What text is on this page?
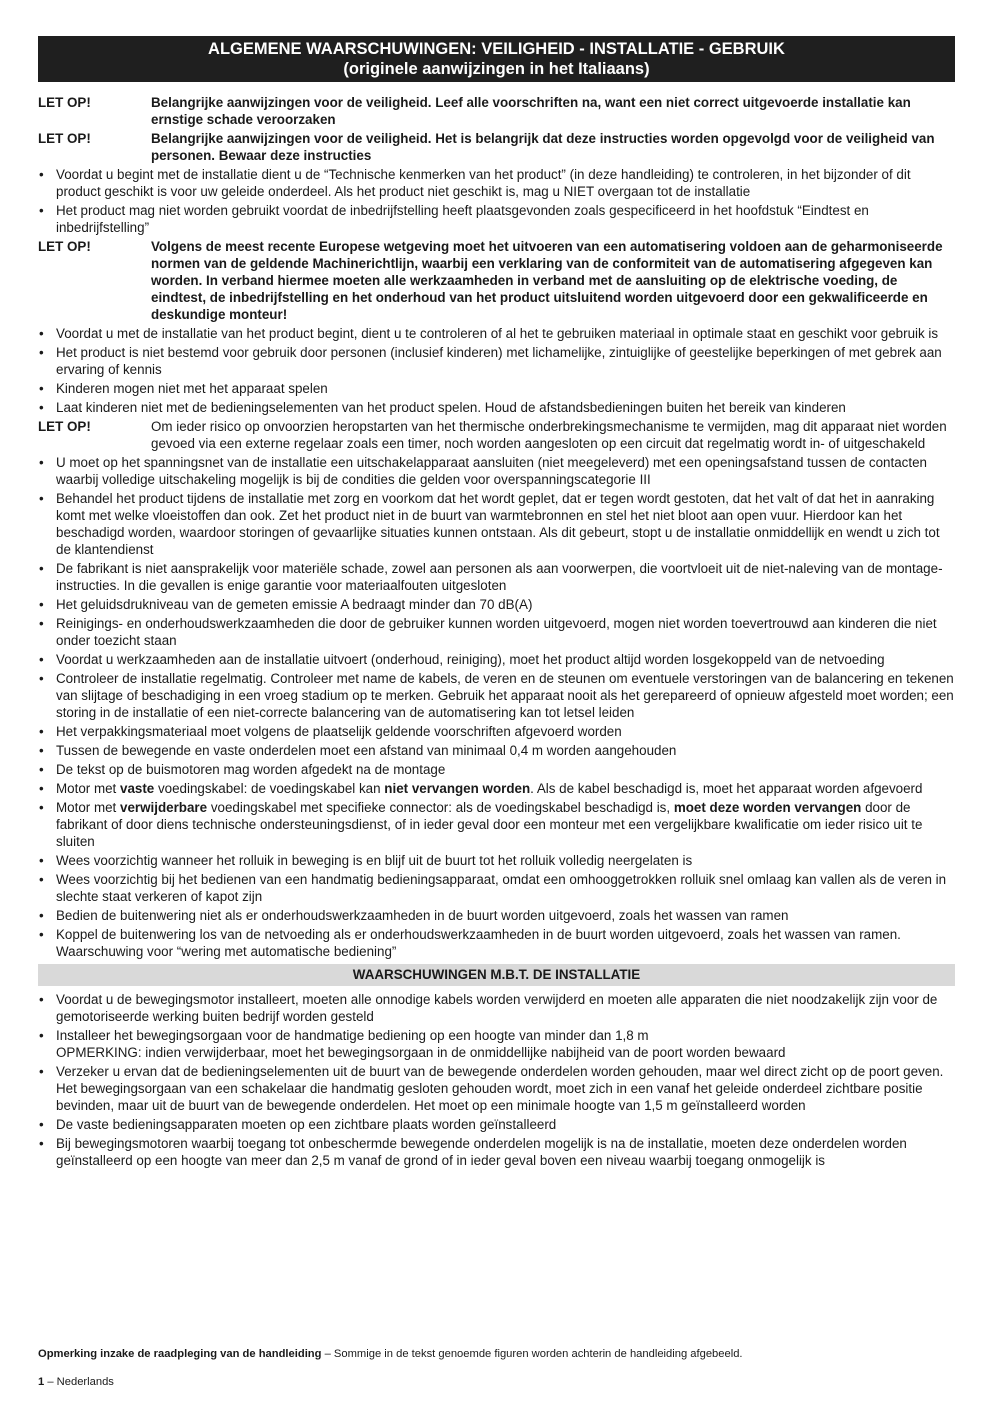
ALGEMENE WAARSCHUWINGEN: VEILIGHEID - INSTALLATIE - GEBRUIK
(originele aanwijzingen in het Italiaans)
LET OP!	Belangrijke aanwijzingen voor de veiligheid. Leef alle voorschriften na, want een niet correct uitgevoerde installatie kan ernstige schade veroorzaken
LET OP!	Belangrijke aanwijzingen voor de veiligheid. Het is belangrijk dat deze instructies worden opgevolgd voor de veiligheid van personen. Bewaar deze instructies
• Voordat u begint met de installatie dient u de “Technische kenmerken van het product” (in deze handleiding) te controleren, in het bijzonder of dit product geschikt is voor uw geleide onderdeel. Als het product niet geschikt is, mag u NIET overgaan tot de installatie
• Het product mag niet worden gebruikt voordat de inbedrijfstelling heeft plaatsgevonden zoals gespecificeerd in het hoofdstuk “Eindtest en inbedrijfstelling”
LET OP!	Volgens de meest recente Europese wetgeving moet het uitvoeren van een automatisering voldoen aan de geharmoniseerde normen van de geldende Machinerichtlijn, waarbij een verklaring van de conformiteit van de automatisering afgegeven kan worden. In verband hiermee moeten alle werkzaamheden in verband met de aansluiting op de elektrische voeding, de eindtest, de inbedrijfstelling en het onderhoud van het product uitsluitend worden uitgevoerd door een gekwalificeerde en deskundige monteur!
• Voordat u met de installatie van het product begint, dient u te controleren of al het te gebruiken materiaal in optimale staat en geschikt voor gebruik is
• Het product is niet bestemd voor gebruik door personen (inclusief kinderen) met lichamelijke, zintuiglijke of geestelijke beperkingen of met gebrek aan ervaring of kennis
• Kinderen mogen niet met het apparaat spelen
• Laat kinderen niet met de bedieningselementen van het product spelen. Houd de afstandsbedieningen buiten het bereik van kinderen
LET OP!	Om ieder risico op onvoorzien heropstarten van het thermische onderbrekingsmechanisme te vermijden, mag dit apparaat niet worden gevoed via een externe regelaar zoals een timer, noch worden aangesloten op een circuit dat regelmatig wordt in- of uitgeschakeld
• U moet op het spanningsnet van de installatie een uitschakelapparaat aansluiten (niet meegeleverd) met een openingsafstand tussen de contacten waarbij volledige uitschakeling mogelijk is bij de condities die gelden voor overspanningscategorie III
• Behandel het product tijdens de installatie met zorg en voorkom dat het wordt geplet, dat er tegen wordt gestoten, dat het valt of dat het in aanraking komt met welke vloeistoffen dan ook. Zet het product niet in de buurt van warmtebronnen en stel het niet bloot aan open vuur. Hierdoor kan het beschadigd worden, waardoor storingen of gevaarlijke situaties kunnen ontstaan. Als dit gebeurt, stopt u de installatie onmiddellijk en wendt u zich tot de klantendienst
• De fabrikant is niet aansprakelijk voor materiële schade, zowel aan personen als aan voorwerpen, die voortvloeit uit de niet-naleving van de montage-instructies. In die gevallen is enige garantie voor materiaalfouten uitgesloten
• Het geluidsdrukniveau van de gemeten emissie A bedraagt minder dan 70 dB(A)
• Reinigings- en onderhoudswerkzaamheden die door de gebruiker kunnen worden uitgevoerd, mogen niet worden toevertrouwd aan kinderen die niet onder toezicht staan
• Voordat u werkzaamheden aan de installatie uitvoert (onderhoud, reiniging), moet het product altijd worden losgekoppeld van de netvoeding
• Controleer de installatie regelmatig. Controleer met name de kabels, de veren en de steunen om eventuele verstoringen van de balancering en tekenen van slijtage of beschadiging in een vroeg stadium op te merken. Gebruik het apparaat nooit als het gerepareerd of opnieuw afgesteld moet worden; een storing in de installatie of een niet-correcte balancering van de automatisering kan tot letsel leiden
• Het verpakkingsmateriaal moet volgens de plaatselijk geldende voorschriften afgevoerd worden
• Tussen de bewegende en vaste onderdelen moet een afstand van minimaal 0,4 m worden aangehouden
• De tekst op de buismotoren mag worden afgedekt na de montage
• Motor met vaste voedingskabel: de voedingskabel kan niet vervangen worden. Als de kabel beschadigd is, moet het apparaat worden afgevoerd
• Motor met verwijderbare voedingskabel met specifieke connector: als de voedingskabel beschadigd is, moet deze worden vervangen door de fabrikant of door diens technische ondersteuningsdienst, of in ieder geval door een monteur met een vergelijkbare kwalificatie om ieder risico uit te sluiten
• Wees voorzichtig wanneer het rolluik in beweging is en blijf uit de buurt tot het rolluik volledig neergelaten is
• Wees voorzichtig bij het bedienen van een handmatig bedieningsapparaat, omdat een omhooggetrokken rolluik snel omlaag kan vallen als de veren in slechte staat verkeren of kapot zijn
• Bedien de buitenwering niet als er onderhoudswerkzaamheden in de buurt worden uitgevoerd, zoals het wassen van ramen
• Koppel de buitenwering los van de netvoeding als er onderhoudswerkzaamheden in de buurt worden uitgevoerd, zoals het wassen van ramen. Waarschuwing voor “wering met automatische bediening”
WAARSCHUWINGEN M.B.T. DE INSTALLATIE
• Voordat u de bewegingsmotor installeert, moeten alle onnodige kabels worden verwijderd en moeten alle apparaten die niet noodzakelijk zijn voor de gemotoriseerde werking buiten bedrijf worden gesteld
• Installeer het bewegingsorgaan voor de handmatige bediening op een hoogte van minder dan 1,8 m
OPMERKING: indien verwijderbaar, moet het bewegingsorgaan in de onmiddellijke nabijheid van de poort worden bewaard
• Verzeker u ervan dat de bedieningselementen uit de buurt van de bewegende onderdelen worden gehouden, maar wel direct zicht op de poort geven.
Het bewegingsorgaan van een schakelaar die handmatig gesloten gehouden wordt, moet zich in een vanaf het geleide onderdeel zichtbare positie bevinden, maar uit de buurt van de bewegende onderdelen. Het moet op een minimale hoogte van 1,5 m geïnstalleerd worden
• De vaste bedieningsapparaten moeten op een zichtbare plaats worden geïnstalleerd
• Bij bewegingsmotoren waarbij toegang tot onbeschermde bewegende onderdelen mogelijk is na de installatie, moeten deze onderdelen worden geïnstalleerd op een hoogte van meer dan 2,5 m vanaf de grond of in ieder geval boven een niveau waarbij toegang onmogelijk is
Opmerking inzake de raadpleging van de handleiding – Sommige in de tekst genoemde figuren worden achterin de handleiding afgebeeld.
1 – Nederlands
